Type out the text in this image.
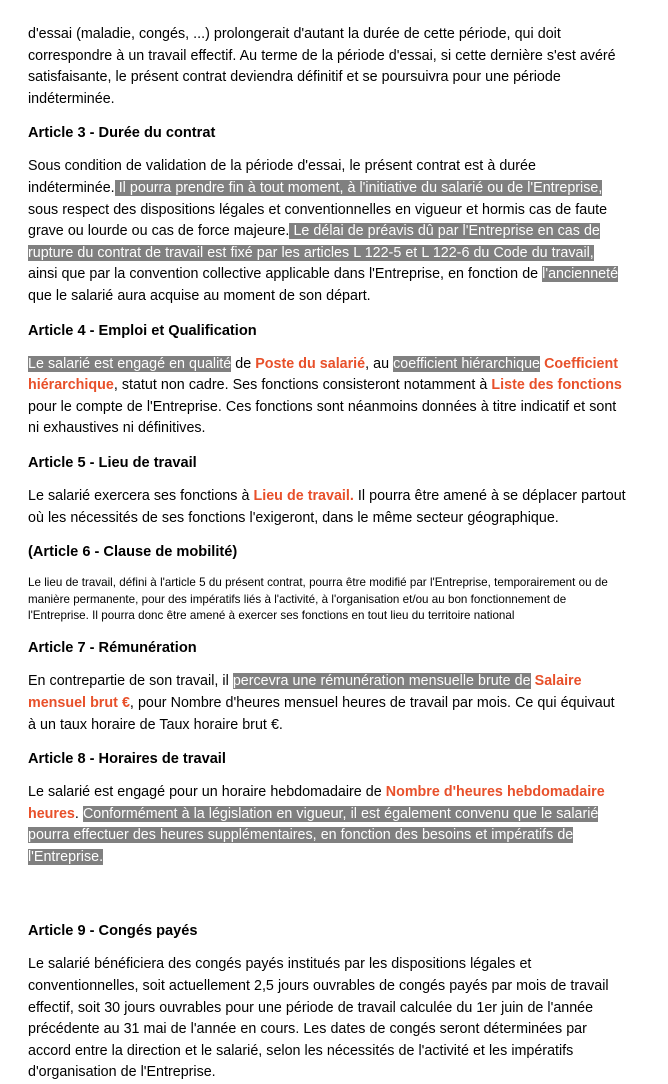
d'essai (maladie, congés, ...) prolongerait d'autant la durée de cette période, qui doit correspondre à un travail effectif. Au terme de la période d'essai, si cette dernière s'est avéré satisfaisante, le présent contrat deviendra définitif et se poursuivra pour une période indéterminée.

Article 3 - Durée du contrat

Sous condition de validation de la période d'essai, le présent contrat est à durée indéterminée. Il pourra prendre fin à tout moment, à l'initiative du salarié ou de l'Entreprise, sous respect des dispositions légales et conventionnelles en vigueur et hormis cas de faute grave ou lourde ou cas de force majeure. Le délai de préavis dû par l'Entreprise en cas de rupture du contrat de travail est fixé par les articles L 122-5 et L 122-6 du Code du travail, ainsi que par la convention collective applicable dans l'Entreprise, en fonction de l'ancienneté que le salarié aura acquise au moment de son départ.

Article 4 - Emploi et Qualification

Le salarié est engagé en qualité de Poste du salarié, au coefficient hiérarchique Coefficient hiérarchique, statut non cadre. Ses fonctions consisteront notamment à Liste des fonctions pour le compte de l'Entreprise. Ces fonctions sont néanmoins données à titre indicatif et sont ni exhaustives ni définitives.

Article 5 - Lieu de travail

Le salarié exercera ses fonctions à Lieu de travail. Il pourra être amené à se déplacer partout où les nécessités de ses fonctions l'exigeront, dans le même secteur géographique.

(Article 6 - Clause de mobilité)

Le lieu de travail, défini à l'article 5 du présent contrat, pourra être modifié par l'Entreprise, temporairement ou de manière permanente, pour des impératifs liés à l'activité, à l'organisation et/ou au bon fonctionnement de l'Entreprise. Il pourra donc être amené à exercer ses fonctions en tout lieu du territoire national

Article 7 - Rémunération

En contrepartie de son travail, il percevra une rémunération mensuelle brute de Salaire mensuel brut €, pour Nombre d'heures mensuel heures de travail par mois. Ce qui équivaut à un taux horaire de Taux horaire brut €.

Article 8 - Horaires de travail

Le salarié est engagé pour un horaire hebdomadaire de Nombre d'heures hebdomadaire heures. Conformément à la législation en vigueur, il est également convenu que le salarié pourra effectuer des heures supplémentaires, en fonction des besoins et impératifs de l'Entreprise.

Article 9 - Congés payés

Le salarié bénéficiera des congés payés institués par les dispositions légales et conventionnelles, soit actuellement 2,5 jours ouvrables de congés payés par mois de travail effectif, soit 30 jours ouvrables pour une période de travail calculée du 1er juin de l'année précédente au 31 mai de l'année en cours. Les dates de congés seront déterminées par accord entre la direction et le salarié, selon les nécessités de l'activité et les impératifs d'organisation de l'Entreprise.
